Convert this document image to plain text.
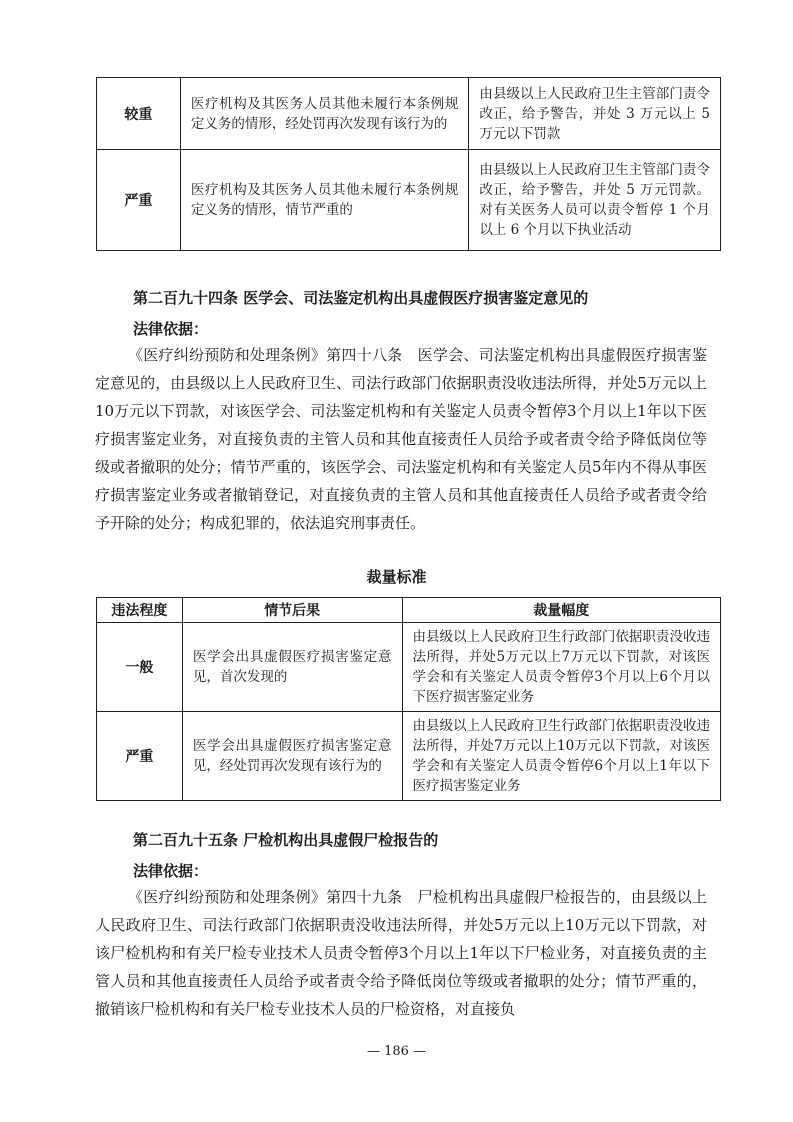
较重	医疗机构及其医务人员其他未履行本条例规定义务的情形，经处罚再次发现有该行为的	由县级以上人民政府卫生主管部门责令改正，给予警告，并处 3 万元以上 5 万元以下罚款
严重	医疗机构及其医务人员其他未履行本条例规定义务的情形，情节严重的	由县级以上人民政府卫生主管部门责令改正，给予警告，并处 5 万元罚款。对有关医务人员可以责令暂停 1 个月以上 6 个月以下执业活动
第二百九十四条 医学会、司法鉴定机构出具虚假医疗损害鉴定意见的
法律依据：

《医疗纠纷预防和处理条例》第四十八条　医学会、司法鉴定机构出具虚假医疗损害鉴定意见的，由县级以上人民政府卫生、司法行政部门依据职责没收违法所得，并处5万元以上10万元以下罚款，对该医学会、司法鉴定机构和有关鉴定人员责令暂停3个月以上1年以下医疗损害鉴定业务，对直接负责的主管人员和其他直接责任人员给予或者责令给予降低岗位等级或者撤职的处分；情节严重的，该医学会、司法鉴定机构和有关鉴定人员5年内不得从事医疗损害鉴定业务或者撤销登记，对直接负责的主管人员和其他直接责任人员给予或者责令给予开除的处分；构成犯罪的，依法追究刑事责任。

裁量标准
违法程度	情节后果	裁量幅度
一般	医学会出具虚假医疗损害鉴定意见，首次发现的	由县级以上人民政府卫生行政部门依据职责没收违法所得，并处5万元以上7万元以下罚款，对该医学会和有关鉴定人员责令暂停3个月以上6个月以下医疗损害鉴定业务
严重	医学会出具虚假医疗损害鉴定意见，经处罚再次发现有该行为的	由县级以上人民政府卫生行政部门依据职责没收违法所得，并处7万元以上10万元以下罚款，对该医学会和有关鉴定人员责令暂停6个月以上1年以下医疗损害鉴定业务
第二百九十五条 尸检机构出具虚假尸检报告的
法律依据：

《医疗纠纷预防和处理条例》第四十九条　尸检机构出具虚假尸检报告的，由县级以上人民政府卫生、司法行政部门依据职责没收违法所得，并处5万元以上10万元以下罚款，对该尸检机构和有关尸检专业技术人员责令暂停3个月以上1年以下尸检业务，对直接负责的主管人员和其他直接责任人员给予或者责令给予降低岗位等级或者撤职的处分；情节严重的，撤销该尸检机构和有关尸检专业技术人员的尸检资格，对直接负

— 186 —
